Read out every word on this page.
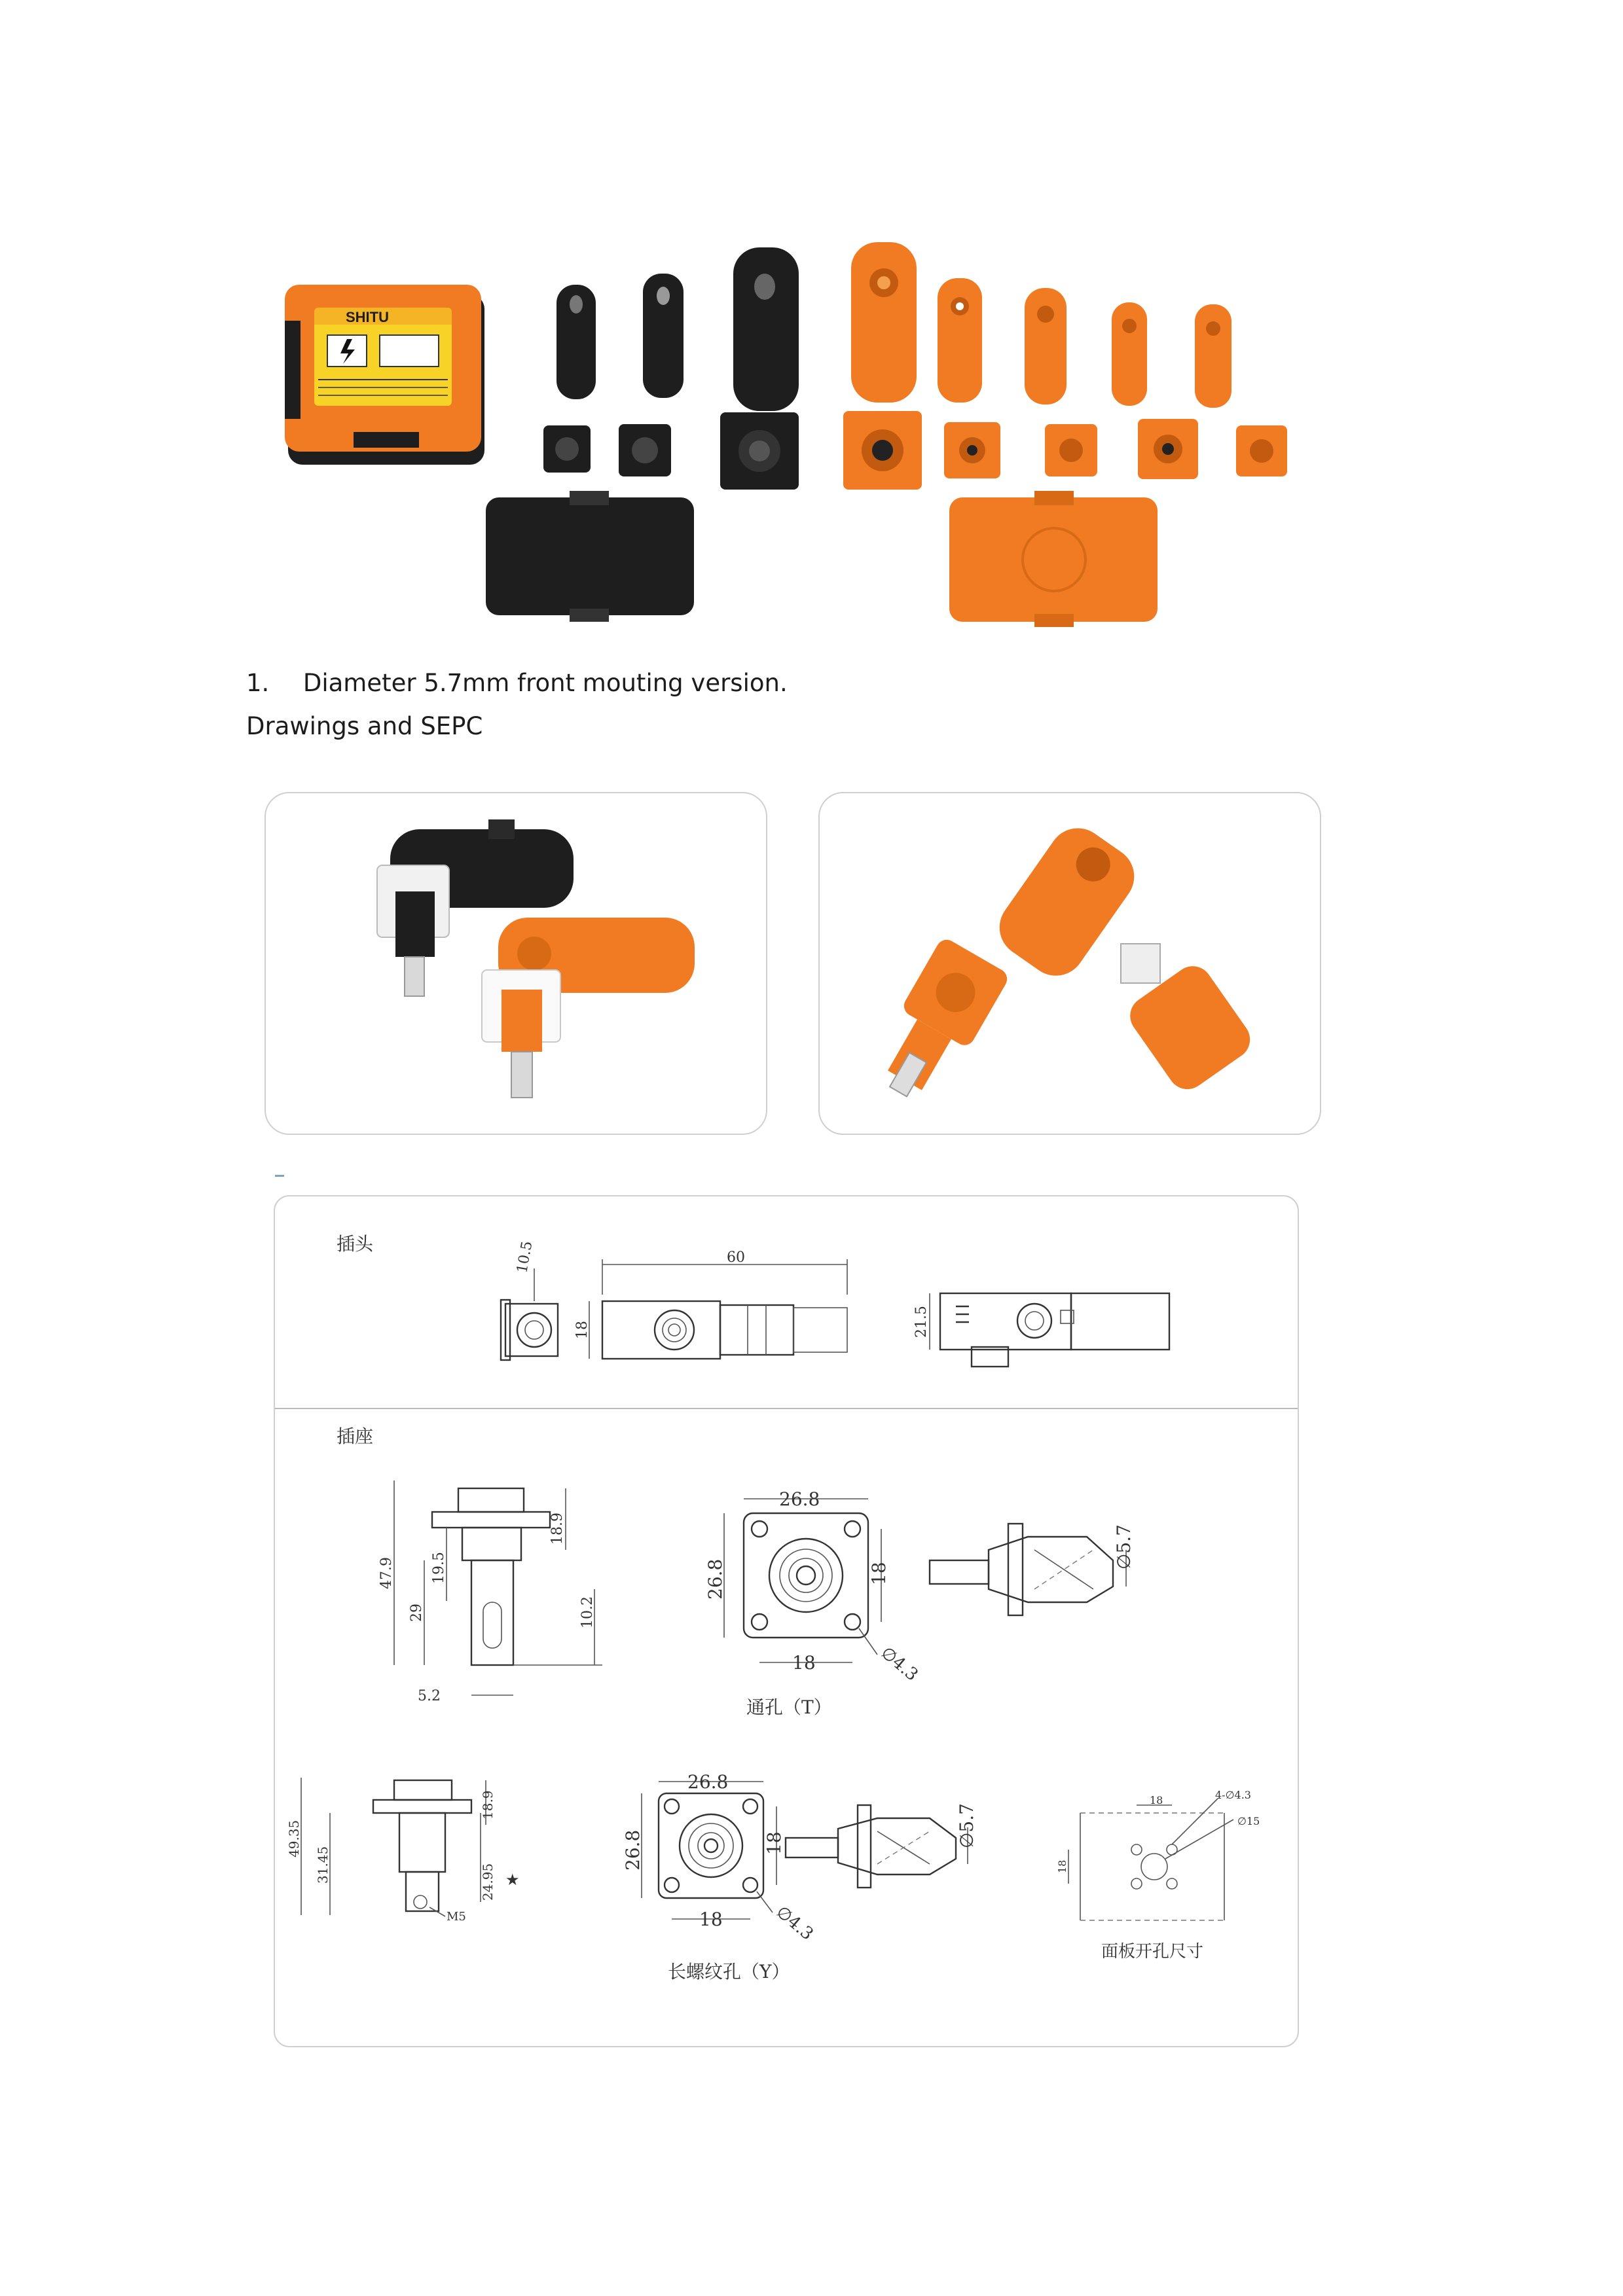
SHITU
1. Diameter 5.7mm front mouting version.
Drawings and SEPC
插头	10.5	60
18	21.5
插座
47.9
29
19.5
18.9
10.2
5.2
26.8
26.8	18
18	∅4.3
通孔（T）
∅5.7
49.35
31.45	24.95
18.9
★
M5
26.8
26.8	18
18	∅4.3
长螺纹孔（Y）
∅5.7
18
18
4-∅4.3
∅15
面板开孔尺寸
